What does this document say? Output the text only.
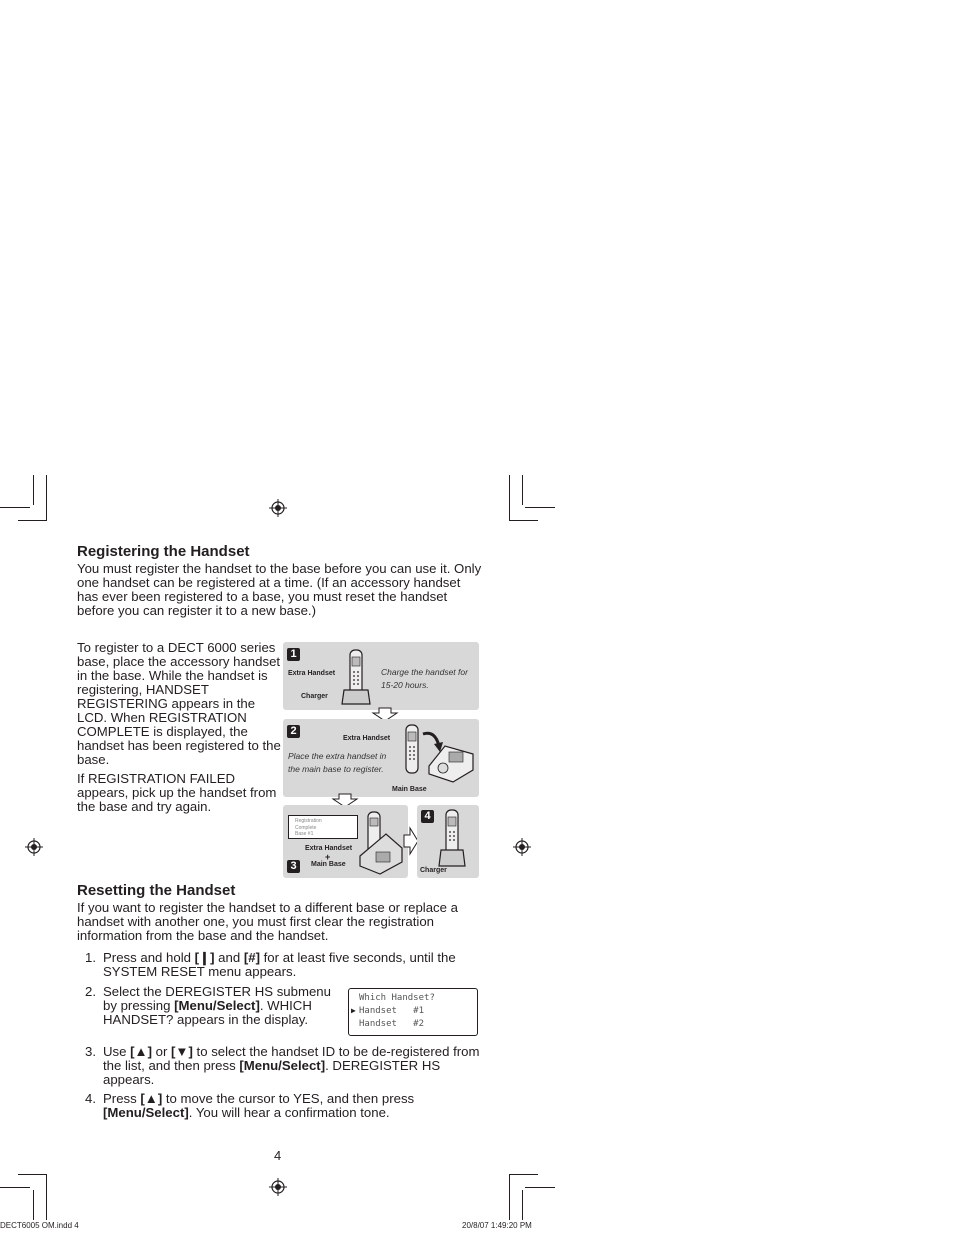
Registering the Handset
You must register the handset to the base before you can use it. Only one handset can be registered at a time. (If an accessory handset has ever been registered to a base, you must reset the handset before you can register it to a new base.)
To register to a DECT 6000 series base, place the accessory handset in the base. While the handset is registering, HANDSET REGISTERING appears in the LCD. When REGISTRATION COMPLETE is displayed, the handset has been registered to the base.
If REGISTRATION FAILED appears, pick up the handset from the base and try again.
1
Extra Handset
Charger
Charge the handset for 15-20 hours.
2
Extra Handset
Place the extra handset in the main base to register.
Main Base
Registration
Complete
Base #1
Extra Handset
+
Main Base
3
4
Charger
Resetting the Handset
If you want to register the handset to a different base or replace a handset with another one, you must first clear the registration information from the base and the handset.
1. Press and hold [❙] and [#] for at least five seconds, until the SYSTEM RESET menu appears.
2. Select the DEREGISTER HS submenu by pressing [Menu/Select]. WHICH HANDSET? appears in the display.
3. Use [▲] or [▼] to select the handset ID to be de-registered from the list, and then press [Menu/Select]. DEREGISTER HS appears.
4. Press [▲] to move the cursor to YES, and then press [Menu/Select]. You will hear a confirmation tone.
Which Handset?
▶ Handset   #1
Handset   #2
4
DECT6005 OM.indd 4	20/8/07 1:49:20 PM
